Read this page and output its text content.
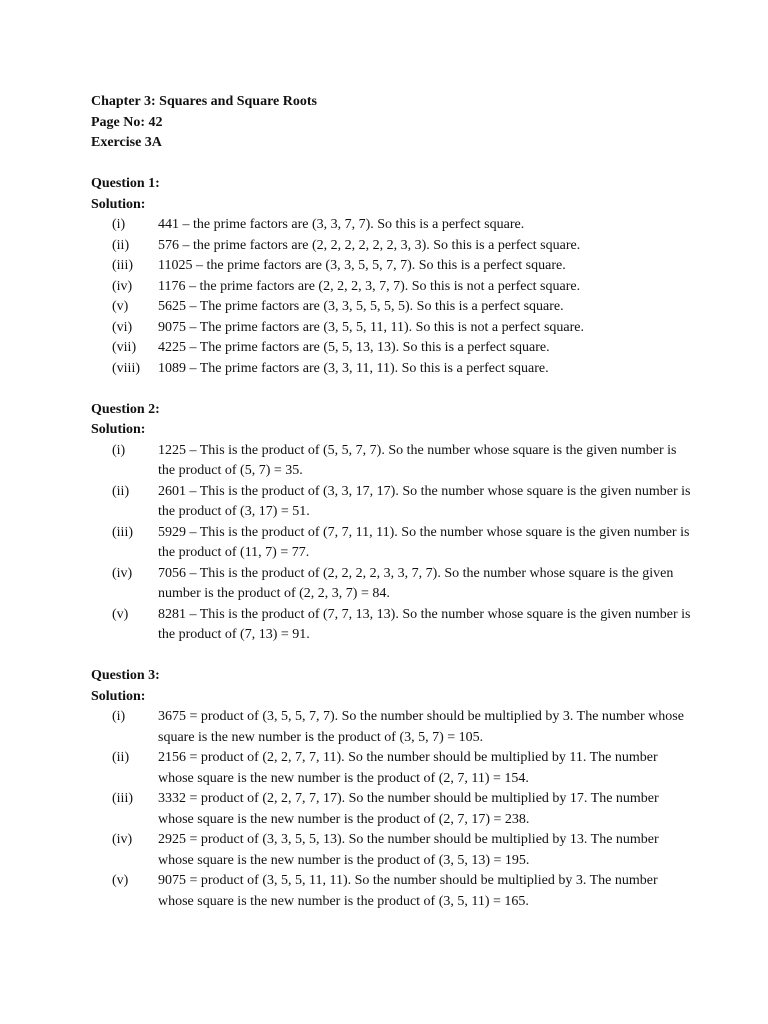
Chapter 3: Squares and Square Roots
Page No: 42
Exercise 3A
Question 1:
Solution:
(i) 441 – the prime factors are (3, 3, 7, 7). So this is a perfect square.
(ii) 576 – the prime factors are (2, 2, 2, 2, 2, 2, 3, 3). So this is a perfect square.
(iii) 11025 – the prime factors are (3, 3, 5, 5, 7, 7). So this is a perfect square.
(iv) 1176 – the prime factors are (2, 2, 2, 3, 7, 7). So this is not a perfect square.
(v) 5625 – The prime factors are (3, 3, 5, 5, 5, 5). So this is a perfect square.
(vi) 9075 – The prime factors are (3, 5, 5, 11, 11). So this is not a perfect square.
(vii) 4225 – The prime factors are (5, 5, 13, 13). So this is a perfect square.
(viii) 1089 – The prime factors are (3, 3, 11, 11). So this is a perfect square.
Question 2:
Solution:
(i) 1225 – This is the product of (5, 5, 7, 7). So the number whose square is the given number is the product of (5, 7) = 35.
(ii) 2601 – This is the product of (3, 3, 17, 17). So the number whose square is the given number is the product of (3, 17) = 51.
(iii) 5929 – This is the product of (7, 7, 11, 11). So the number whose square is the given number is the product of (11, 7) = 77.
(iv) 7056 – This is the product of (2, 2, 2, 2, 3, 3, 7, 7). So the number whose square is the given number is the product of (2, 2, 3, 7) = 84.
(v) 8281 – This is the product of (7, 7, 13, 13). So the number whose square is the given number is the product of (7, 13) = 91.
Question 3:
Solution:
(i) 3675 = product of (3, 5, 5, 7, 7). So the number should be multiplied by 3. The number whose square is the new number is the product of (3, 5, 7) = 105.
(ii) 2156 = product of (2, 2, 7, 7, 11). So the number should be multiplied by 11. The number whose square is the new number is the product of (2, 7, 11) = 154.
(iii) 3332 = product of (2, 2, 7, 7, 17). So the number should be multiplied by 17. The number whose square is the new number is the product of (2, 7, 17) = 238.
(iv) 2925 = product of (3, 3, 5, 5, 13). So the number should be multiplied by 13. The number whose square is the new number is the product of (3, 5, 13) = 195.
(v) 9075 = product of (3, 5, 5, 11, 11). So the number should be multiplied by 3. The number whose square is the new number is the product of (3, 5, 11) = 165.
